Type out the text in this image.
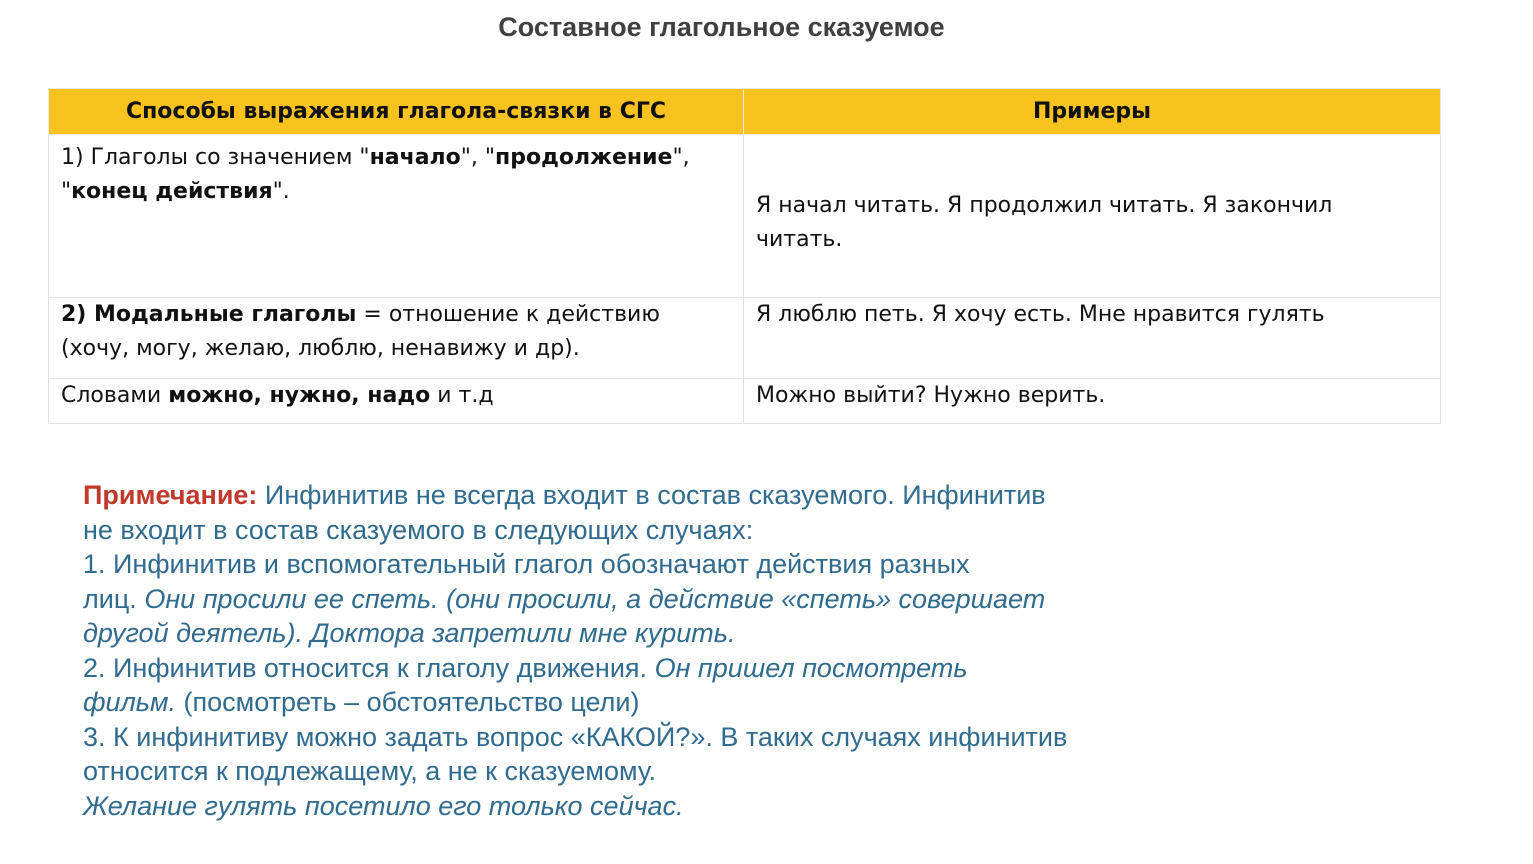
Составное глагольное сказуемое
Способы выражения глагола-связки в СГС	Примеры
1) Глаголы со значением "начало", "продолжение",
"конец действия".	Я начал читать. Я продолжил читать. Я закончил
читать.
2) Модальные глаголы = отношение к действию
(хочу, могу, желаю, люблю, ненавижу и др).	Я люблю петь. Я хочу есть. Мне нравится гулять
Словами можно, нужно, надо и т.д	Можно выйти? Нужно верить.
Примечание: Инфинитив не всегда входит в состав сказуемого. Инфинитив
не входит в состав сказуемого в следующих случаях:
1. Инфинитив и вспомогательный глагол обозначают действия разных
лиц. Они просили ее спеть. (они просили, а действие «спеть» совершает
другой деятель). Доктора запретили мне курить.
2. Инфинитив относится к глаголу движения. Он пришел посмотреть
фильм. (посмотреть – обстоятельство цели)
3. К инфинитиву можно задать вопрос «КАКОЙ?». В таких случаях инфинитив
относится к подлежащему, а не к сказуемому.
Желание гулять посетило его только сейчас.
